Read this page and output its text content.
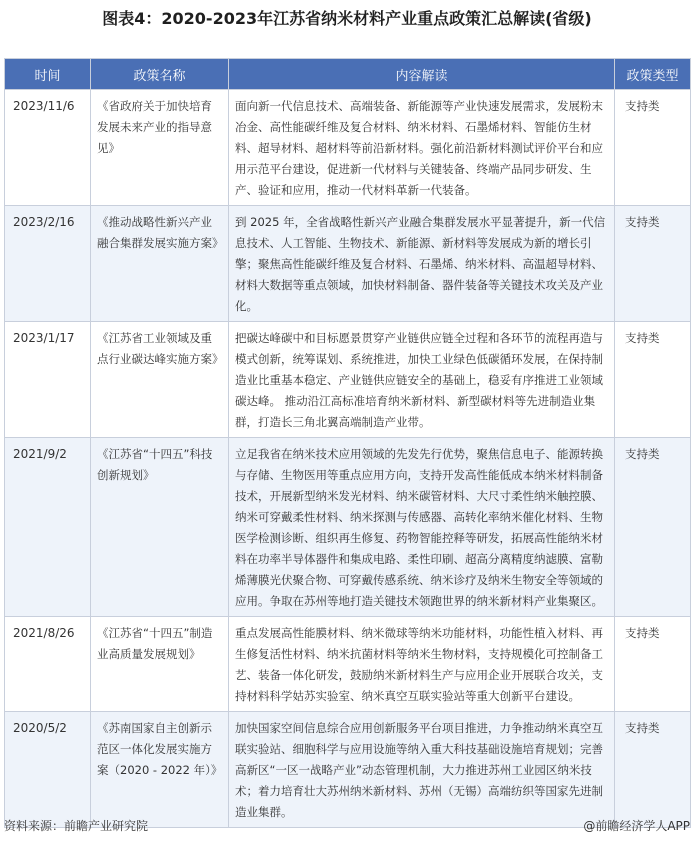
图表4：2020-2023年江苏省纳米材料产业重点政策汇总解读(省级)
时间	政策名称	内容解读	政策类型
2023/11/6	《省政府关于加快培育发展未来产业的指导意见》	面向新一代信息技术、高端装备、新能源等产业快速发展需求，发展粉末冶金、高性能碳纤维及复合材料、纳米材料、石墨烯材料、智能仿生材料、超导材料、超材料等前沿新材料。强化前沿新材料测试评价平台和应用示范平台建设，促进新一代材料与关键装备、终端产品同步研发、生产、验证和应用，推动一代材料革新一代装备。	支持类
2023/2/16	《推动战略性新兴产业融合集群发展实施方案》	到 2025 年，全省战略性新兴产业融合集群发展水平显著提升，新一代信息技术、人工智能、生物技术、新能源、新材料等发展成为新的增长引擎；聚焦高性能碳纤维及复合材料、石墨烯、纳米材料、高温超导材料、材料大数据等重点领域，加快材料制备、器件装备等关键技术攻关及产业化。	支持类
2023/1/17	《江苏省工业领域及重点行业碳达峰实施方案》	把碳达峰碳中和目标愿景贯穿产业链供应链全过程和各环节的流程再造与模式创新，统筹谋划、系统推进，加快工业绿色低碳循环发展，在保持制造业比重基本稳定、产业链供应链安全的基础上，稳妥有序推进工业领域碳达峰。 推动沿江高标准培育纳米新材料、新型碳材料等先进制造业集群，打造长三角北翼高端制造产业带。	支持类
2021/9/2	《江苏省“十四五”科技创新规划》	立足我省在纳米技术应用领域的先发先行优势，聚焦信息电子、能源转换与存储、生物医用等重点应用方向，支持开发高性能低成本纳米材料制备技术，开展新型纳米发光材料、纳米碳管材料、大尺寸柔性纳米触控膜、纳米可穿戴柔性材料、纳米探测与传感器、高转化率纳米催化材料、生物医学检测诊断、组织再生修复、药物智能控释等研发，拓展高性能纳米材料在功率半导体器件和集成电路、柔性印刷、超高分离精度纳滤膜、富勒烯薄膜光伏聚合物、可穿戴传感系统、纳米诊疗及纳米生物安全等领域的应用。争取在苏州等地打造关键技术领跑世界的纳米新材料产业集聚区。	支持类
2021/8/26	《江苏省“十四五”制造业高质量发展规划》	重点发展高性能膜材料、纳米微球等纳米功能材料，功能性植入材料、再生修复活性材料、纳米抗菌材料等纳米生物材料，支持规模化可控制备工艺、装备一体化研发，鼓励纳米新材料生产与应用企业开展联合攻关，支持材料科学姑苏实验室、纳米真空互联实验站等重大创新平台建设。	支持类
2020/5/2	《苏南国家自主创新示范区一体化发展实施方案（2020 - 2022 年）》	加快国家空间信息综合应用创新服务平台项目推进，力争推动纳米真空互联实验站、细胞科学与应用设施等纳入重大科技基础设施培育规划；完善高新区“一区一战略产业”动态管理机制，大力推进苏州工业园区纳米技术；着力培育壮大苏州纳米新材料、苏州（无锡）高端纺织等国家先进制造业集群。	支持类
资料来源：前瞻产业研究院	@前瞻经济学人APP
